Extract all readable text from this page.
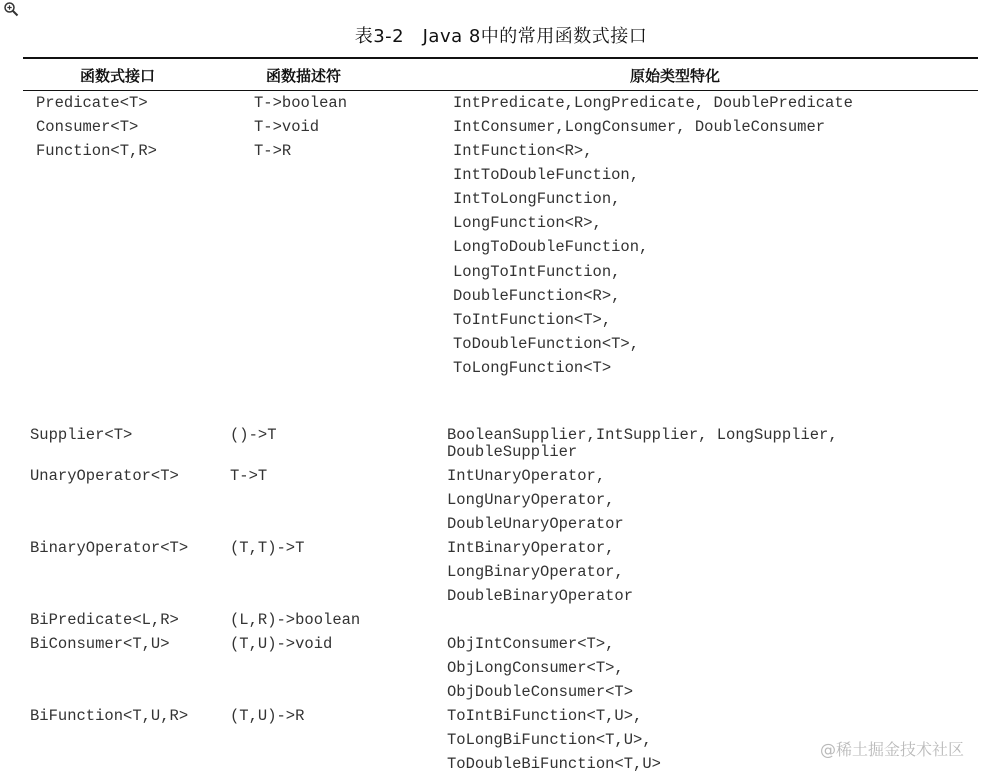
表3-2　Java 8中的常用函数式接口
函数式接口	函数描述符	原始类型特化
Predicate<T>	T->boolean	IntPredicate,LongPredicate, DoublePredicate
Consumer<T>	T->void	IntConsumer,LongConsumer, DoubleConsumer
Function<T,R>	T->R	IntFunction<R>,
IntToDoubleFunction,
IntToLongFunction,
LongFunction<R>,
LongToDoubleFunction,
LongToIntFunction,
DoubleFunction<R>,
ToIntFunction<T>,
ToDoubleFunction<T>,
ToLongFunction<T>
Supplier<T>	()->T	BooleanSupplier,IntSupplier, LongSupplier,
DoubleSupplier
UnaryOperator<T>	T->T	IntUnaryOperator,
LongUnaryOperator,
DoubleUnaryOperator
BinaryOperator<T>	(T,T)->T	IntBinaryOperator,
LongBinaryOperator,
DoubleBinaryOperator
BiPredicate<L,R>	(L,R)->boolean
BiConsumer<T,U>	(T,U)->void	ObjIntConsumer<T>,
ObjLongConsumer<T>,
ObjDoubleConsumer<T>
BiFunction<T,U,R>	(T,U)->R	ToIntBiFunction<T,U>,
ToLongBiFunction<T,U>,
ToDoubleBiFunction<T,U>
@稀土掘金技术社区
